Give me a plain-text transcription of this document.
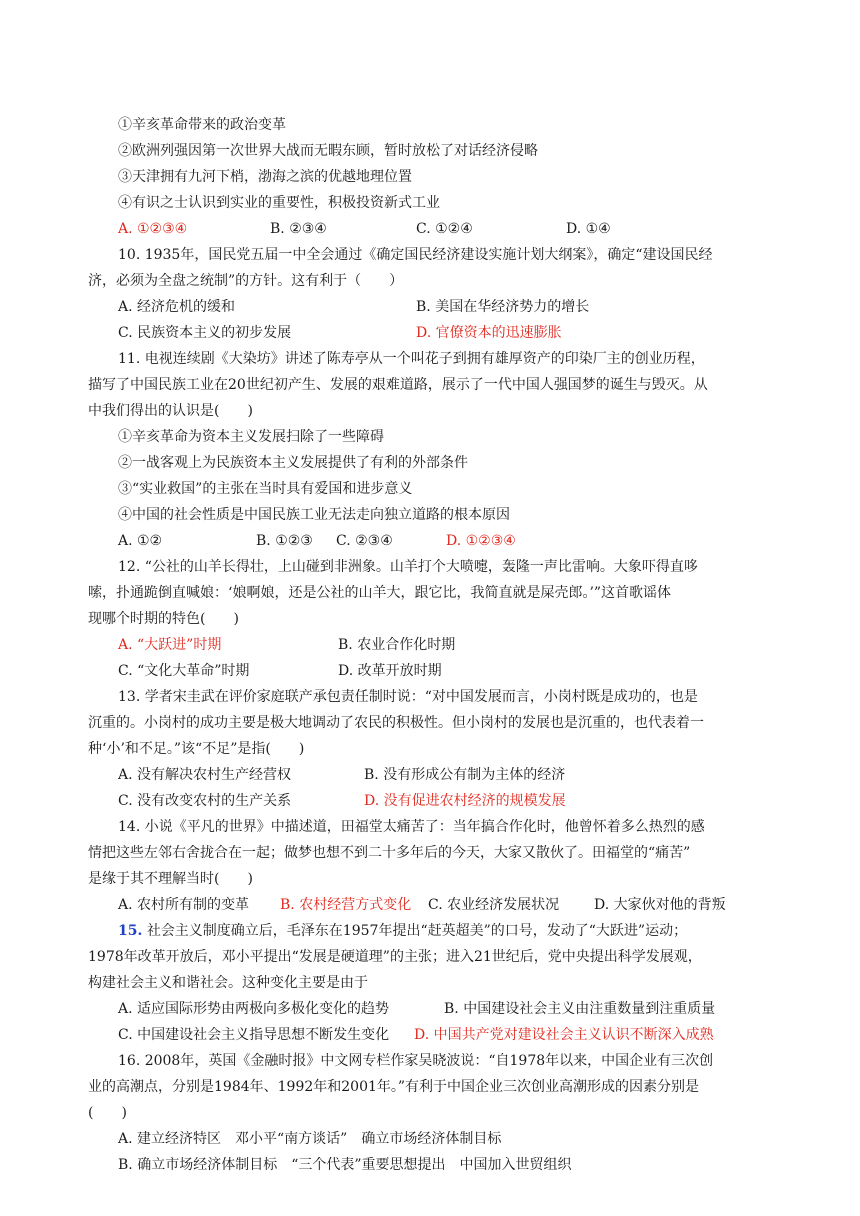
①辛亥革命带来的政治变革
②欧洲列强因第一次世界大战而无暇东顾，暂时放松了对话经济侵略
③天津拥有九河下梢，渤海之滨的优越地理位置
④有识之士认识到实业的重要性，积极投资新式工业
A. ①②③④	B. ②③④	C. ①②④	D. ①④
10. 1935年，国民党五届一中全会通过《确定国民经济建设实施计划大纲案》，确定“建设国民经
济，必须为全盘之统制”的方针。这有利于（　　）
A. 经济危机的缓和	B. 美国在华经济势力的增长
C. 民族资本主义的初步发展	D. 官僚资本的迅速膨胀
11. 电视连续剧《大染坊》讲述了陈寿亭从一个叫花子到拥有雄厚资产的印染厂主的创业历程，
描写了中国民族工业在20世纪初产生、发展的艰难道路，展示了一代中国人强国梦的诞生与毁灭。从
中我们得出的认识是(　　)
①辛亥革命为资本主义发展扫除了一些障碍
②一战客观上为民族资本主义发展提供了有利的外部条件
③“实业救国”的主张在当时具有爱国和进步意义
④中国的社会性质是中国民族工业无法走向独立道路的根本原因
A. ①②	B. ①②③ C. ②③④	D. ①②③④
12. “公社的山羊长得壮，上山碰到非洲象。山羊打个大喷嚏，轰隆一声比雷响。大象吓得直哆
嗦，扑通跪倒直喊娘：‘娘啊娘，还是公社的山羊大，跟它比，我简直就是屎壳郎。’”这首歌谣体
现哪个时期的特色(　　)
A. “大跃进”时期	B. 农业合作化时期
C. “文化大革命”时期	D. 改革开放时期
13. 学者宋圭武在评价家庭联产承包责任制时说：“对中国发展而言，小岗村既是成功的，也是
沉重的。小岗村的成功主要是极大地调动了农民的积极性。但小岗村的发展也是沉重的，也代表着一
种‘小’和不足。”该“不足”是指(　　)
A. 没有解决农村生产经营权	B. 没有形成公有制为主体的经济
C. 没有改变农村的生产关系	D. 没有促进农村经济的规模发展
14. 小说《平凡的世界》中描述道，田福堂太痛苦了：当年搞合作化时，他曾怀着多么热烈的感
情把这些左邻右舍拢合在一起；做梦也想不到二十多年后的今天，大家又散伙了。田福堂的“痛苦”
是缘于其不理解当时(　　)
A. 农村所有制的变革 B. 农村经营方式变化 C. 农业经济发展状况 D. 大家伙对他的背叛
15. 社会主义制度确立后，毛泽东在1957年提出“赶英超美”的口号，发动了“大跃进”运动；
1978年改革开放后，邓小平提出“发展是硬道理”的主张；进入21世纪后，党中央提出科学发展观，
构建社会主义和谐社会。这种变化主要是由于
A. 适应国际形势由两极向多极化变化的趋势	B. 中国建设社会主义由注重数量到注重质量
C. 中国建设社会主义指导思想不断发生变化 D. 中国共产党对建设社会主义认识不断深入成熟
16. 2008年，英国《金融时报》中文网专栏作家吴晓波说：“自1978年以来，中国企业有三次创
业的高潮点，分别是1984年、1992年和2001年。”有利于中国企业三次创业高潮形成的因素分别是
(　　)
A. 建立经济特区　邓小平“南方谈话”　确立市场经济体制目标
B. 确立市场经济体制目标　“三个代表”重要思想提出　中国加入世贸组织
